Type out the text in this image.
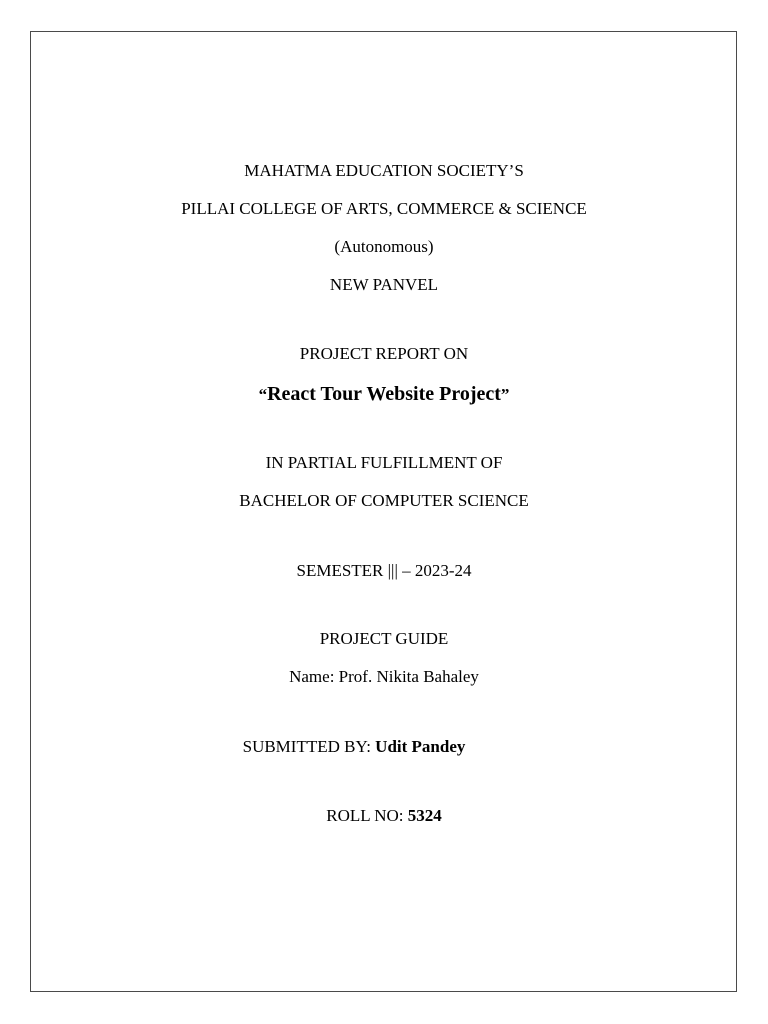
MAHATMA EDUCATION SOCIETY’S
PILLAI COLLEGE OF ARTS, COMMERCE & SCIENCE
(Autonomous)
NEW PANVEL
PROJECT REPORT ON
“React Tour Website Project”
IN PARTIAL FULFILLMENT OF
BACHELOR OF COMPUTER SCIENCE
SEMESTER ||| – 2023-24
PROJECT GUIDE
Name: Prof. Nikita Bahaley
SUBMITTED BY: Udit Pandey
ROLL NO: 5324
